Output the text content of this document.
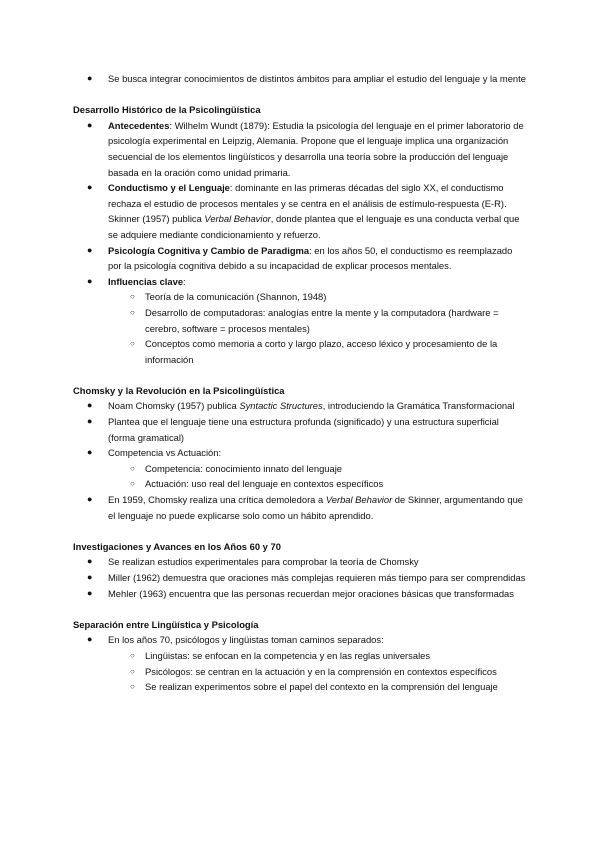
● Se busca integrar conocimientos de distintos ámbitos para ampliar el estudio del lenguaje y la mente

Desarrollo Histórico de la Psicolingüística

● Antecedentes: Wilhelm Wundt (1879): Estudia la psicología del lenguaje en el primer laboratorio de psicología experimental en Leipzig, Alemania. Propone que el lenguaje implica una organización secuencial de los elementos lingüísticos y desarrolla una teoría sobre la producción del lenguaje basada en la oración como unidad primaria.
● Conductismo y el Lenguaje: dominante en las primeras décadas del siglo XX, el conductismo rechaza el estudio de procesos mentales y se centra en el análisis de estímulo-respuesta (E-R). Skinner (1957) publica Verbal Behavior, donde plantea que el lenguaje es una conducta verbal que se adquiere mediante condicionamiento y refuerzo.
● Psicología Cognitiva y Cambio de Paradigma: en los años 50, el conductismo es reemplazado por la psicología cognitiva debido a su incapacidad de explicar procesos mentales.
● Influencias clave:
○ Teoría de la comunicación (Shannon, 1948)
○ Desarrollo de computadoras: analogías entre la mente y la computadora (hardware = cerebro, software = procesos mentales)
○ Conceptos como memoria a corto y largo plazo, acceso léxico y procesamiento de la información

Chomsky y la Revolución en la Psicolingüística

● Noam Chomsky (1957) publica Syntactic Structures, introduciendo la Gramática Transformacional
● Plantea que el lenguaje tiene una estructura profunda (significado) y una estructura superficial (forma gramatical)
● Competencia vs Actuación:
○ Competencia: conocimiento innato del lenguaje
○ Actuación: uso real del lenguaje en contextos específicos
● En 1959, Chomsky realiza una crítica demoledora a Verbal Behavior de Skinner, argumentando que el lenguaje no puede explicarse solo como un hábito aprendido.

Investigaciones y Avances en los Años 60 y 70

● Se realizan estudios experimentales para comprobar la teoría de Chomsky
● Miller (1962) demuestra que oraciones más complejas requieren más tiempo para ser comprendidas
● Mehler (1963) encuentra que las personas recuerdan mejor oraciones básicas que transformadas

Separación entre Lingüística y Psicología

● En los años 70, psicólogos y lingüistas toman caminos separados:
○ Lingüistas: se enfocan en la competencia y en las reglas universales
○ Psicólogos: se centran en la actuación y en la comprensión en contextos específicos
○ Se realizan experimentos sobre el papel del contexto en la comprensión del lenguaje
